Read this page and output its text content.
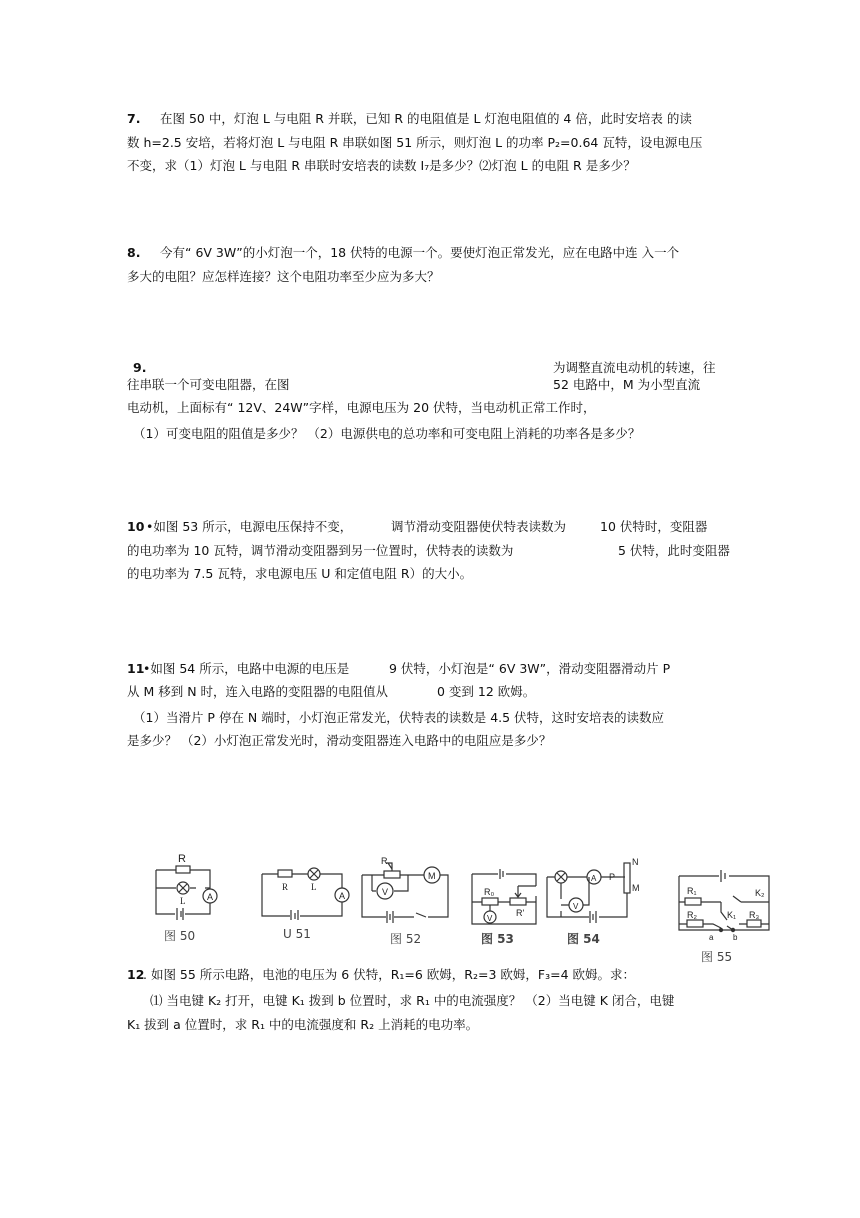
7. 在图 50 中，灯泡 L 与电阻 R 并联，已知 R 的电阻值是 L 灯泡电阻值的 4 倍，此时安培表 的读
数 h=2.5 安培，若将灯泡 L 与电阻 R 串联如图 51 所示，则灯泡 L 的功率 P₂=0.64 瓦特，设电源电压
不变，求（1）灯泡 L 与电阻 R 串联时安培表的读数 I₇是多少？⑵灯泡 L 的电阻 R 是多少？
8. 今有“ 6V 3W”的小灯泡一个，18 伏特的电源一个。要使灯泡正常发光，应在电路中连 入一个
多大的电阻？应怎样连接？这个电阻功率至少应为多大？
9.	为调整直流电动机的转速，往
往串联一个可变电阻器，在图	52 电路中，M 为小型直流
电动机，上面标有“ 12V、24W”字样，电源电压为 20 伏特，当电动机正常工作时，
（1）可变电阻的阻值是多少？ （2）电源供电的总功率和可变电阻上消耗的功率各是多少？
10 •如图 53 所示，电源电压保持不变，	调节滑动变阻器使伏特表读数为	10 伏特时，变阻器
的电功率为 10 瓦特，调节滑动变阻器到另一位置时，伏特表的读数为	5 伏特，此时变阻器
的电功率为 7.5 瓦特，求电源电压 U 和定值电阻 R）的大小。
11
•如图 54 所示，电路中电源的电压是	9 伏特，小灯泡是“ 6V 3W”，滑动变阻器滑动片 P
从 M 移到 N 时，连入电路的变阻器的电阻值从	0 变到 12 欧姆。
（1）当滑片 P 停在 N 端时，小灯泡正常发光，伏特表的读数是 4.5 伏特，这时安培表的读数应
是多少？ （2）小灯泡正常发光时，滑动变阻器连入电路中的电阻应是多少？
R
L A
图 50
R	L
A
U 51
R
V
M
图 52
R₀
R'
V
图 53
A
V
P
N
M
图 54
R₁	K₂
K₁
R₂	R₃
a b
图 55
12
. 如图 55 所示电路，电池的电压为 6 伏特，R₁=6 欧姆，R₂=3 欧姆，F₃=4 欧姆。求：
⑴ 当电键 K₂ 打开，电键 K₁ 拨到 b 位置时，求 R₁ 中的电流强度？ （2）当电键 K 闭合，电键
K₁ 拔到 a 位置时，求 R₁ 中的电流强度和 R₂ 上消耗的电功率。
